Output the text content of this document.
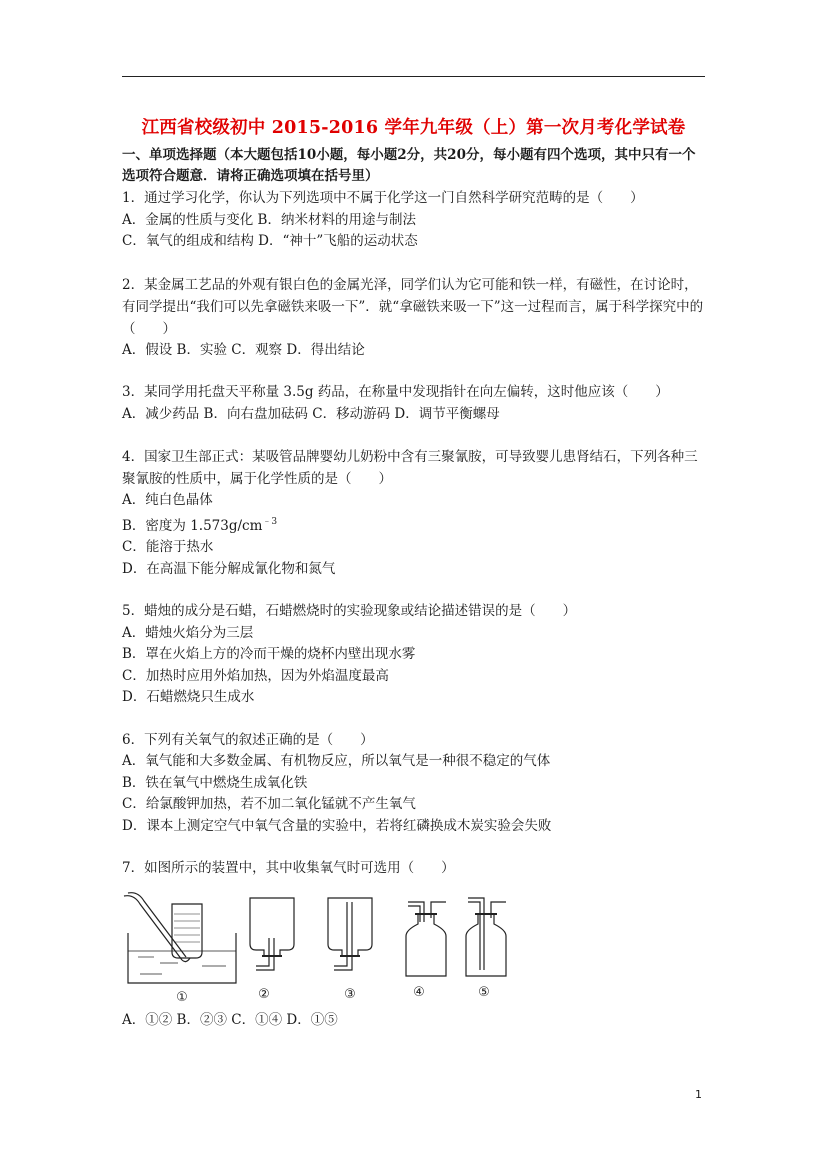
江西省校级初中 2015-2016 学年九年级（上）第一次月考化学试卷
一、单项选择题（本大题包括10小题，每小题2分，共20分，每小题有四个选项，其中只有一个选项符合题意．请将正确选项填在括号里）
1．通过学习化学，你认为下列选项中不属于化学这一门自然科学研究范畴的是（　　）
A．金属的性质与变化 B．纳米材料的用途与制法
C．氧气的组成和结构 D．“神十”飞船的运动状态
2．某金属工艺品的外观有银白色的金属光泽，同学们认为它可能和铁一样，有磁性，在讨论时，有同学提出“我们可以先拿磁铁来吸一下”．就“拿磁铁来吸一下”这一过程而言，属于科学探究中的（　　）
A．假设 B．实验 C．观察 D．得出结论
3．某同学用托盘天平称量 3.5g 药品，在称量中发现指针在向左偏转，这时他应该（　　）
A．减少药品 B．向右盘加砝码 C．移动游码 D．调节平衡螺母
4．国家卫生部正式：某吸管品牌婴幼儿奶粉中含有三聚氰胺，可导致婴儿患肾结石，下列各种三聚氰胺的性质中，属于化学性质的是（　　）
A．纯白色晶体
B．密度为 $1.573g/cm^{﹣3}$
C．能溶于热水
D．在高温下能分解成氰化物和氮气
5．蜡烛的成分是石蜡，石蜡燃烧时的实验现象或结论描述错误的是（　　）
A．蜡烛火焰分为三层
B．罩在火焰上方的冷而干燥的烧杯内壁出现水雾
C．加热时应用外焰加热，因为外焰温度最高
D．石蜡燃烧只生成水
6．下列有关氧气的叙述正确的是（　　）
A．氧气能和大多数金属、有机物反应，所以氧气是一种很不稳定的气体
B．铁在氧气中燃烧生成氧化铁
C．给氯酸钾加热，若不加二氧化锰就不产生氧气
D．课本上测定空气中氧气含量的实验中，若将红磷换成木炭实验会失败
7．如图所示的装置中，其中收集氧气时可选用（　　）
①	②	③	④	⑤
A．①② B．②③ C．①④ D．①⑤
1
